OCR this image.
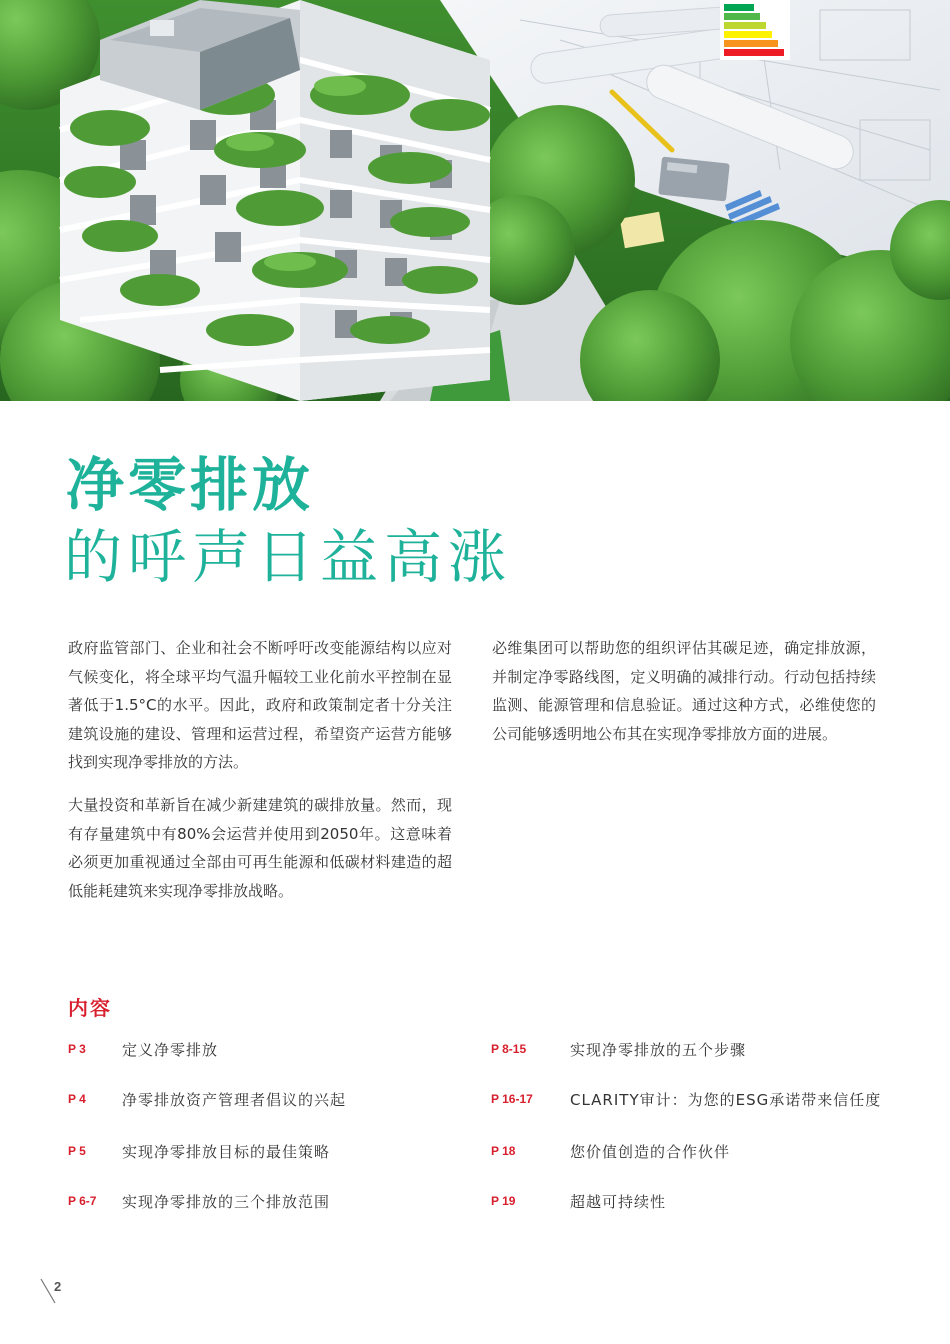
净零排放
的呼声日益高涨

政府监管部门、企业和社会不断呼吁改变能源结构以应对气候变化，将全球平均气温升幅较工业化前水平控制在显著低于1.5°C的水平。因此，政府和政策制定者十分关注建筑设施的建设、管理和运营过程，希望资产运营方能够找到实现净零排放的方法。

大量投资和革新旨在减少新建建筑的碳排放量。然而，现有存量建筑中有80%会运营并使用到2050年。这意味着必须更加重视通过全部由可再生能源和低碳材料建造的超低能耗建筑来实现净零排放战略。

必维集团可以帮助您的组织评估其碳足迹，确定排放源，并制定净零路线图，定义明确的减排行动。行动包括持续监测、能源管理和信息验证。通过这种方式，必维使您的公司能够透明地公布其在实现净零排放方面的进展。

内容
P 3	定义净零排放
P 4	净零排放资产管理者倡议的兴起
P 5	实现净零排放目标的最佳策略
P 6-7	实现净零排放的三个排放范围
P 8-15	实现净零排放的五个步骤
P 16-17	CLARITY审计：为您的ESG承诺带来信任度
P 18	您价值创造的合作伙伴
P 19	超越可持续性
2
